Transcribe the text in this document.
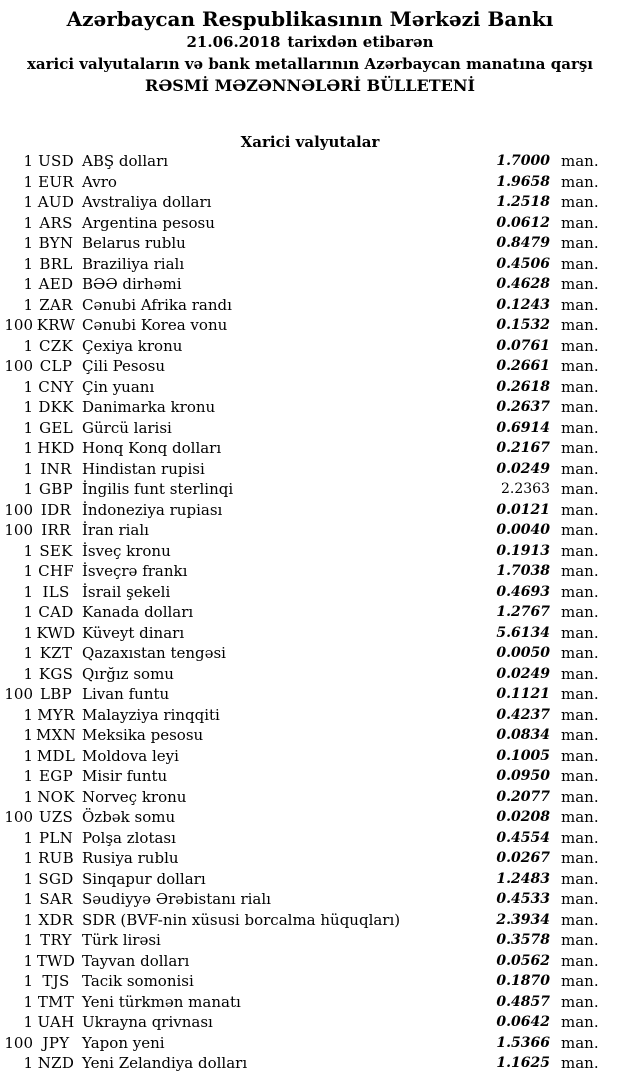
Azərbaycan Respublikasının Mərkəzi Bankı
21.06.2018 tarixdən etibarən
xarici valyutaların və bank metallarının Azərbaycan manatına qarşı
RƏSMİ MƏZƏNNƏLƏRİ BÜLLETENİ
Xarici valyutalar
1 USD ABŞ dolları	1.7000 man.
1 EUR Avro	1.9658 man.
1 AUD Avstraliya dolları	1.2518 man.
1 ARS Argentina pesosu	0.0612 man.
1 BYN Belarus rublu	0.8479 man.
1 BRL Braziliya rialı	0.4506 man.
1 AED BƏƏ dirhəmi	0.4628 man.
1 ZAR Cənubi Afrika randı	0.1243 man.
100 KRW Cənubi Korea vonu	0.1532 man.
1 CZK Çexiya kronu	0.0761 man.
100 CLP Çili Pesosu	0.2661 man.
1 CNY Çin yuanı	0.2618 man.
1 DKK Danimarka kronu	0.2637 man.
1 GEL Gürcü larisi	0.6914 man.
1 HKD Honq Konq dolları	0.2167 man.
1 INR Hindistan rupisi	0.0249 man.
1 GBP İngilis funt sterlinqi	2.2363 man.
100 IDR İndoneziya rupiası	0.0121 man.
100 IRR İran rialı	0.0040 man.
1 SEK İsveç kronu	0.1913 man.
1 CHF İsveçrə frankı	1.7038 man.
1 ILS İsrail şekeli	0.4693 man.
1 CAD Kanada dolları	1.2767 man.
1 KWD Küveyt dinarı	5.6134 man.
1 KZT Qazaxıstan tengəsi	0.0050 man.
1 KGS Qırğız somu	0.0249 man.
100 LBP Livan funtu	0.1121 man.
1 MYR Malayziya rinqqiti	0.4237 man.
1 MXN Meksika pesosu	0.0834 man.
1 MDL Moldova leyi	0.1005 man.
1 EGP Misir funtu	0.0950 man.
1 NOK Norveç kronu	0.2077 man.
100 UZS Özbək somu	0.0208 man.
1 PLN Polşa zlotası	0.4554 man.
1 RUB Rusiya rublu	0.0267 man.
1 SGD Sinqapur dolları	1.2483 man.
1 SAR Səudiyyə Ərəbistanı rialı	0.4533 man.
1 XDR SDR (BVF-nin xüsusi borcalma hüquqları)	2.3934 man.
1 TRY Türk lirəsi	0.3578 man.
1 TWD Tayvan dolları	0.0562 man.
1 TJS Tacik somonisi	0.1870 man.
1 TMT Yeni türkmən manatı	0.4857 man.
1 UAH Ukrayna qrivnası	0.0642 man.
100 JPY Yapon yeni	1.5366 man.
1 NZD Yeni Zelandiya dolları	1.1625 man.
